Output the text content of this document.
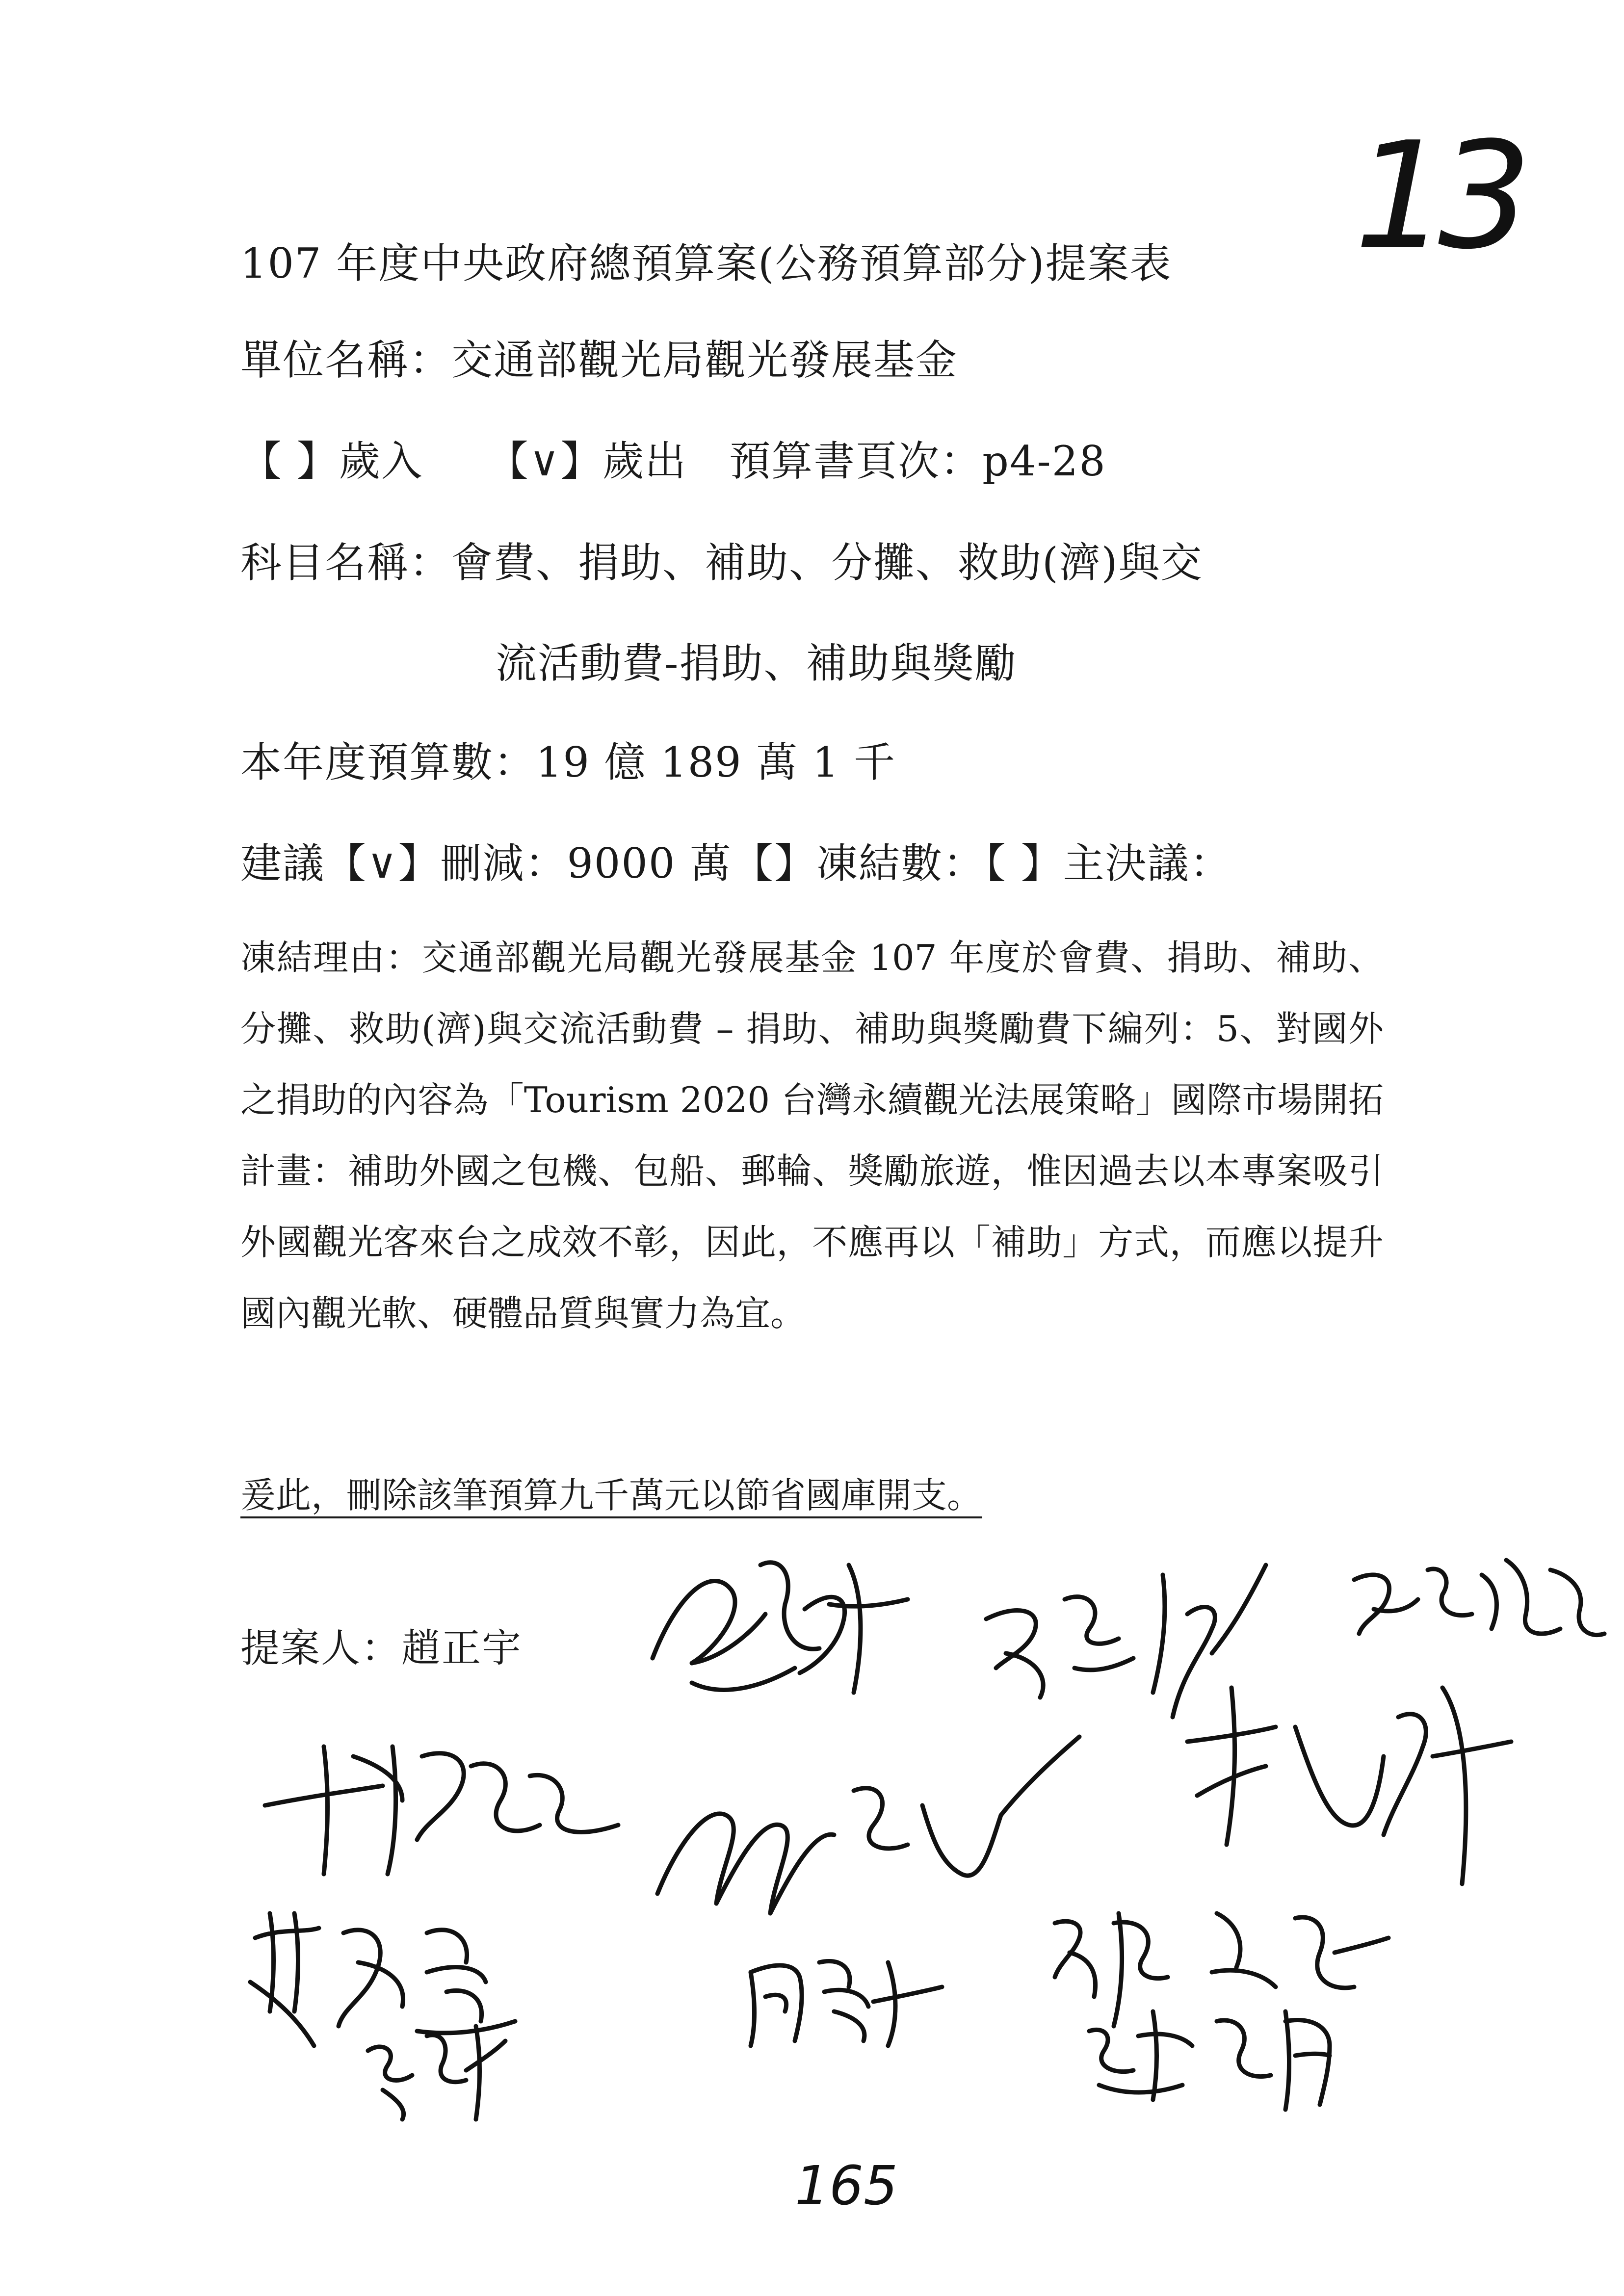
13
107 年度中央政府總預算案(公務預算部分)提案表
單位名稱：交通部觀光局觀光發展基金
【 】歲入　　【∨】歲出　預算書頁次：p4-28
科目名稱：會費、捐助、補助、分攤、救助(濟)與交
流活動費-捐助、補助與獎勵
本年度預算數：19 億 189 萬 1 千
建議【∨】刪減：9000 萬【】凍結數：【 】主決議：
凍結理由：交通部觀光局觀光發展基金 107 年度於會費、捐助、補助、分攤、救助(濟)與交流活動費 – 捐助、補助與獎勵費下編列：5、對國外之捐助的內容為「Tourism 2020 台灣永續觀光法展策略」國際市場開拓計畫：補助外國之包機、包船、郵輪、獎勵旅遊，惟因過去以本專案吸引外國觀光客來台之成效不彰，因此，不應再以「補助」方式，而應以提升國內觀光軟、硬體品質與實力為宜。
爰此，刪除該筆預算九千萬元以節省國庫開支。
提案人：趙正宇
165
